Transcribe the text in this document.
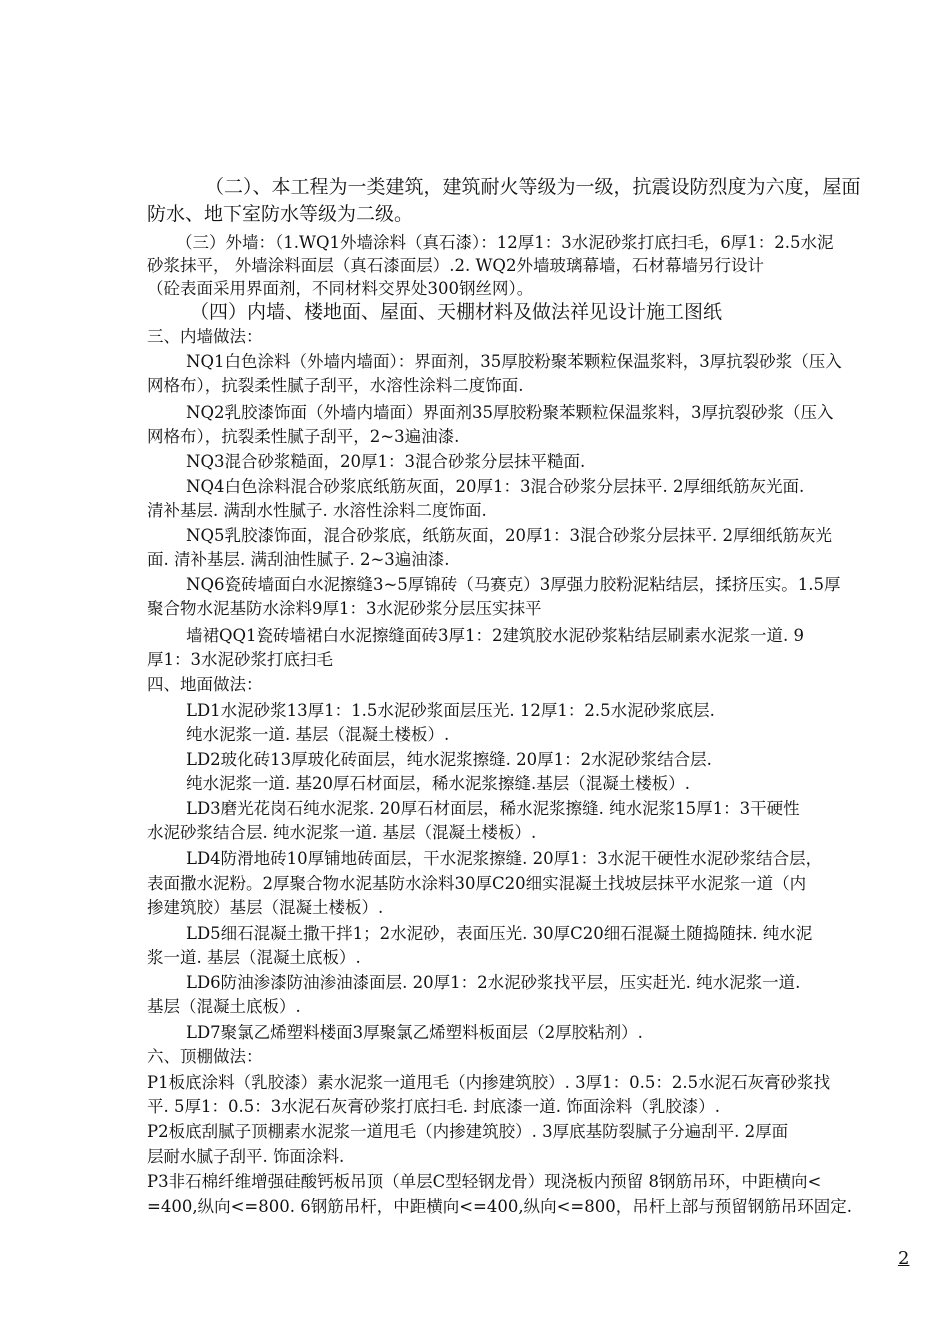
（二）、本工程为一类建筑，建筑耐火等级为一级，抗震设防烈度为六度，屋面
防水、地下室防水等级为二级。
（三）外墙：（1.WQ1外墙涂料（真石漆）：12厚1：3水泥砂浆打底扫毛，6厚1：2.5水泥
砂浆抹平， 外墙涂料面层（真石漆面层）.2. WQ2外墙玻璃幕墙，石材幕墙另行设计
（砼表面采用界面剂，不同材料交界处300钢丝网）。
（四）内墙、楼地面、屋面、天棚材料及做法祥见设计施工图纸
三、内墙做法：
NQ1白色涂料（外墙内墙面）：界面剂，35厚胶粉聚苯颗粒保温浆料，3厚抗裂砂浆（压入
网格布），抗裂柔性腻子刮平，水溶性涂料二度饰面.
NQ2乳胶漆饰面（外墙内墙面）界面剂35厚胶粉聚苯颗粒保温浆料，3厚抗裂砂浆（压入
网格布），抗裂柔性腻子刮平，2~3遍油漆.
NQ3混合砂浆糙面，20厚1：3混合砂浆分层抹平糙面.
NQ4白色涂料混合砂浆底纸筋灰面，20厚1：3混合砂浆分层抹平. 2厚细纸筋灰光面.
清补基层. 满刮水性腻子. 水溶性涂料二度饰面.
NQ5乳胶漆饰面，混合砂浆底，纸筋灰面，20厚1：3混合砂浆分层抹平. 2厚细纸筋灰光
面. 清补基层. 满刮油性腻子. 2~3遍油漆.
NQ6瓷砖墙面白水泥擦缝3~5厚锦砖（马赛克）3厚强力胶粉泥粘结层，揉挤压实。1.5厚
聚合物水泥基防水涂料9厚1：3水泥砂浆分层压实抹平
墙裙QQ1瓷砖墙裙白水泥擦缝面砖3厚1：2建筑胶水泥砂浆粘结层刷素水泥浆一道. 9
厚1：3水泥砂浆打底扫毛
四、地面做法：
LD1水泥砂浆13厚1：1.5水泥砂浆面层压光. 12厚1：2.5水泥砂浆底层.
纯水泥浆一道. 基层（混凝土楼板）.
LD2玻化砖13厚玻化砖面层，纯水泥浆擦缝. 20厚1：2水泥砂浆结合层.
纯水泥浆一道. 基20厚石材面层，稀水泥浆擦缝.基层（混凝土楼板）.
LD3磨光花岗石纯水泥浆. 20厚石材面层，稀水泥浆擦缝. 纯水泥浆15厚1：3干硬性
水泥砂浆结合层. 纯水泥浆一道. 基层（混凝土楼板）.
LD4防滑地砖10厚铺地砖面层，干水泥浆擦缝. 20厚1：3水泥干硬性水泥砂浆结合层，
表面撒水泥粉。2厚聚合物水泥基防水涂料30厚C20细实混凝土找坡层抹平水泥浆一道（内
掺建筑胶）基层（混凝土楼板）.
LD5细石混凝土撒干拌1；2水泥砂，表面压光. 30厚C20细石混凝土随捣随抹. 纯水泥
浆一道. 基层（混凝土底板）.
LD6防油渗漆防油渗油漆面层. 20厚1：2水泥砂浆找平层，压实赶光. 纯水泥浆一道.
基层（混凝土底板）.
LD7聚氯乙烯塑料楼面3厚聚氯乙烯塑料板面层（2厚胶粘剂）.
六、顶棚做法：
P1板底涂料（乳胶漆）素水泥浆一道甩毛（内掺建筑胶）. 3厚1：0.5：2.5水泥石灰膏砂浆找
平. 5厚1：0.5：3水泥石灰膏砂浆打底扫毛. 封底漆一道. 饰面涂料（乳胶漆）.
P2板底刮腻子顶棚素水泥浆一道甩毛（内掺建筑胶）. 3厚底基防裂腻子分遍刮平. 2厚面
层耐水腻子刮平. 饰面涂料.
P3非石棉纤维增强硅酸钙板吊顶（单层C型轻钢龙骨）现浇板内预留 8钢筋吊环，中距横向<
=400,纵向<=800. 6钢筋吊杆，中距横向<=400,纵向<=800，吊杆上部与预留钢筋吊环固定.
2
